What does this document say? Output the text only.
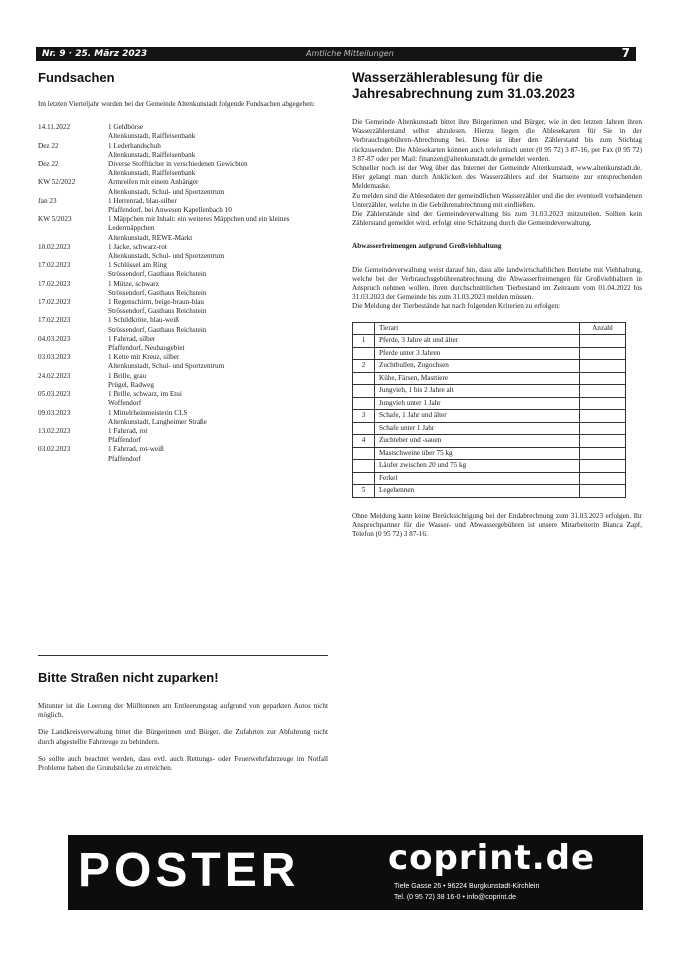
Nr. 9 · 25. März 2023	Amtliche Mitteilungen	7
Fundsachen

Im letzten Vierteljahr wurden bei der Gemeinde Altenkunstadt folgende Fundsachen abgegeben:

14.11.2022	1 Geldbörse
	Altenkunstadt, Raiffeisenbank
Dez 22	1 Lederhandschuh
	Altenkunstadt, Raiffeisenbank
Dez 22	Diverse Stofftücher in verschiedenen Gewichten
	Altenkunstadt, Raiffeisenbank
KW 52/2022	Armreifen mit einem Anhänger
	Altenkunstadt, Schul- und Sportzentrum
Jan 23	1 Herrenrad, blau-silber
	Pfaffendorf, bei Anwesen Kapellenbach 10
KW 5/2023	1 Mäppchen mit Inhalt: ein weiteres Mäppchen und ein kleines Ledermäppchen
	Altenkunstadt, REWE-Markt
10.02.2023	1 Jacke, schwarz-rot
	Altenkunstadt, Schul- und Sportzentrum
17.02.2023	1 Schlüssel am Ring
	Strössendorf, Gasthaus Reichstein
17.02.2023	1 Mütze, schwarz
	Strössendorf, Gasthaus Reichstein
17.02.2023	1 Regenschirm, beige-braun-blau
	Strössendorf, Gasthaus Reichstein
17.02.2023	1 Schildkröte, blau-weiß
	Strössendorf, Gasthaus Reichstein
04.03.2023	1 Fahrrad, silber
	Pfaffendorf, Neubaugebiet
03.03.2023	1 Kette mit Kreuz, silber
	Altenkunstadt, Schul- und Sportzentrum
24.02.2023	1 Brille, grau
	Prügel, Radweg
05.03.2023	1 Brille, schwarz, im Etui
	Woffendorf
09.03.2023	1 Mittelrheinmeisterin CLS
	Altenkunstadt, Langheimer Straße
13.02.2023	1 Fahrrad, rot
	Pfaffendorf
03.02.2023	1 Fahrrad, rot-weiß
	Pfaffendorf
Bitte Straßen nicht zuparken!

Mitunter ist die Leerung der Mülltonnen am Entleerungstag aufgrund von geparkten Autos nicht möglich.

Die Landkreisverwaltung bittet die Bürgerinnen und Bürger, die Zufahrten zur Abfuhrung nicht durch abgestellte Fahrzeuge zu behindern.

So sollte auch beachtet werden, dass evtl. auch Rettungs- oder Feuerwehrfahrzeuge im Notfall Probleme haben die Grundstücke zu erreichen.

Wasserzählerablesung für die
Jahresabrechnung zum 31.03.2023

Die Gemeinde Altenkunstadt bittet ihre Bürgerinnen und Bürger, wie in den letzten Jahren ihren Wasserzählerstand selbst abzulesen. Hierzu liegen die Ablesekarten für Sie in der Verbrauchsgebühren-Abrechnung bei. Diese ist über den Zählerstand bis zum Stichtag rückzusenden. Die Ablesekarten können auch telefonisch unter (0 95 72) 3 87-16, per Fax (0 95 72) 3 87-87 oder per Mail: finanzen@altenkunstadt.de gemeldet werden.

Schneller noch ist der Weg über das Internet der Gemeinde Altenkunstadt, www.altenkunstadt.de. Hier gelangt man durch Anklicken des Wasserzählers auf der Startseite zur entsprechenden Meldemaske.

Zu melden sind die Ablesedaten der gemeindlichen Wasserzähler und die der eventuell vorhandenen Unterzähler, welche in die Gebührenabrechnung mit einfließen.

Die Zählerstände sind der Gemeindeverwaltung bis zum 31.03.2023 mitzuteilen. Sollten kein Zählerstand gemeldet wird, erfolgt eine Schätzung durch die Gemeindeverwaltung.

Abwasserfreimengen aufgrund Großviehhaltung

Die Gemeindeverwaltung weist darauf hin, dass alle landwirtschaftlichen Betriebe mit Viehhaltung, welche bei der Verbrauchsgebührenabrechnung die Abwasserfreimengen für Großviehhaltern in Anspruch nehmen wollen, ihren durchschnittlichen Tierbestand im Zeitraum vom 01.04.2022 bis 31.03.2023 der Gemeinde bis zum 31.03.2023 melden müssen.

Die Meldung der Tierbestände hat nach folgenden Kriterien zu erfolgen:

	Tierart	Anzahl
1	Pferde, 3 Jahre alt und älter	
	Pferde unter 3 Jahren	
2	Zuchtbullen, Zugochsen	
	Kühe, Färsen, Masttiere	
	Jungvieh, 1 bis 2 Jahre alt	
	Jungvieh unter 1 Jahr	
3	Schafe, 1 Jahr und älter	
	Schafe unter 1 Jahr	
4	Zuchteber und -sauen	
	Mastschweine über 75 kg	
	Läufer zwischen 20 und 75 kg	
	Ferkel	
5	Legehennen	

Ohne Meldung kann keine Berücksichtigung bei der Endabrechnung zum 31.03.2023 erfolgen. Ihr Ansprechpartner für die Wasser- und Abwassergebühren ist unsere Mitarbeiterin Bianca Zapf, Telefon (0 95 72) 3 87-16.

POSTER	coprint.de
Tiefe Gasse 26 • 96224 Burgkunstadt-Kirchlein
Tel. (0 95 72) 38 16-0 • info@coprint.de
